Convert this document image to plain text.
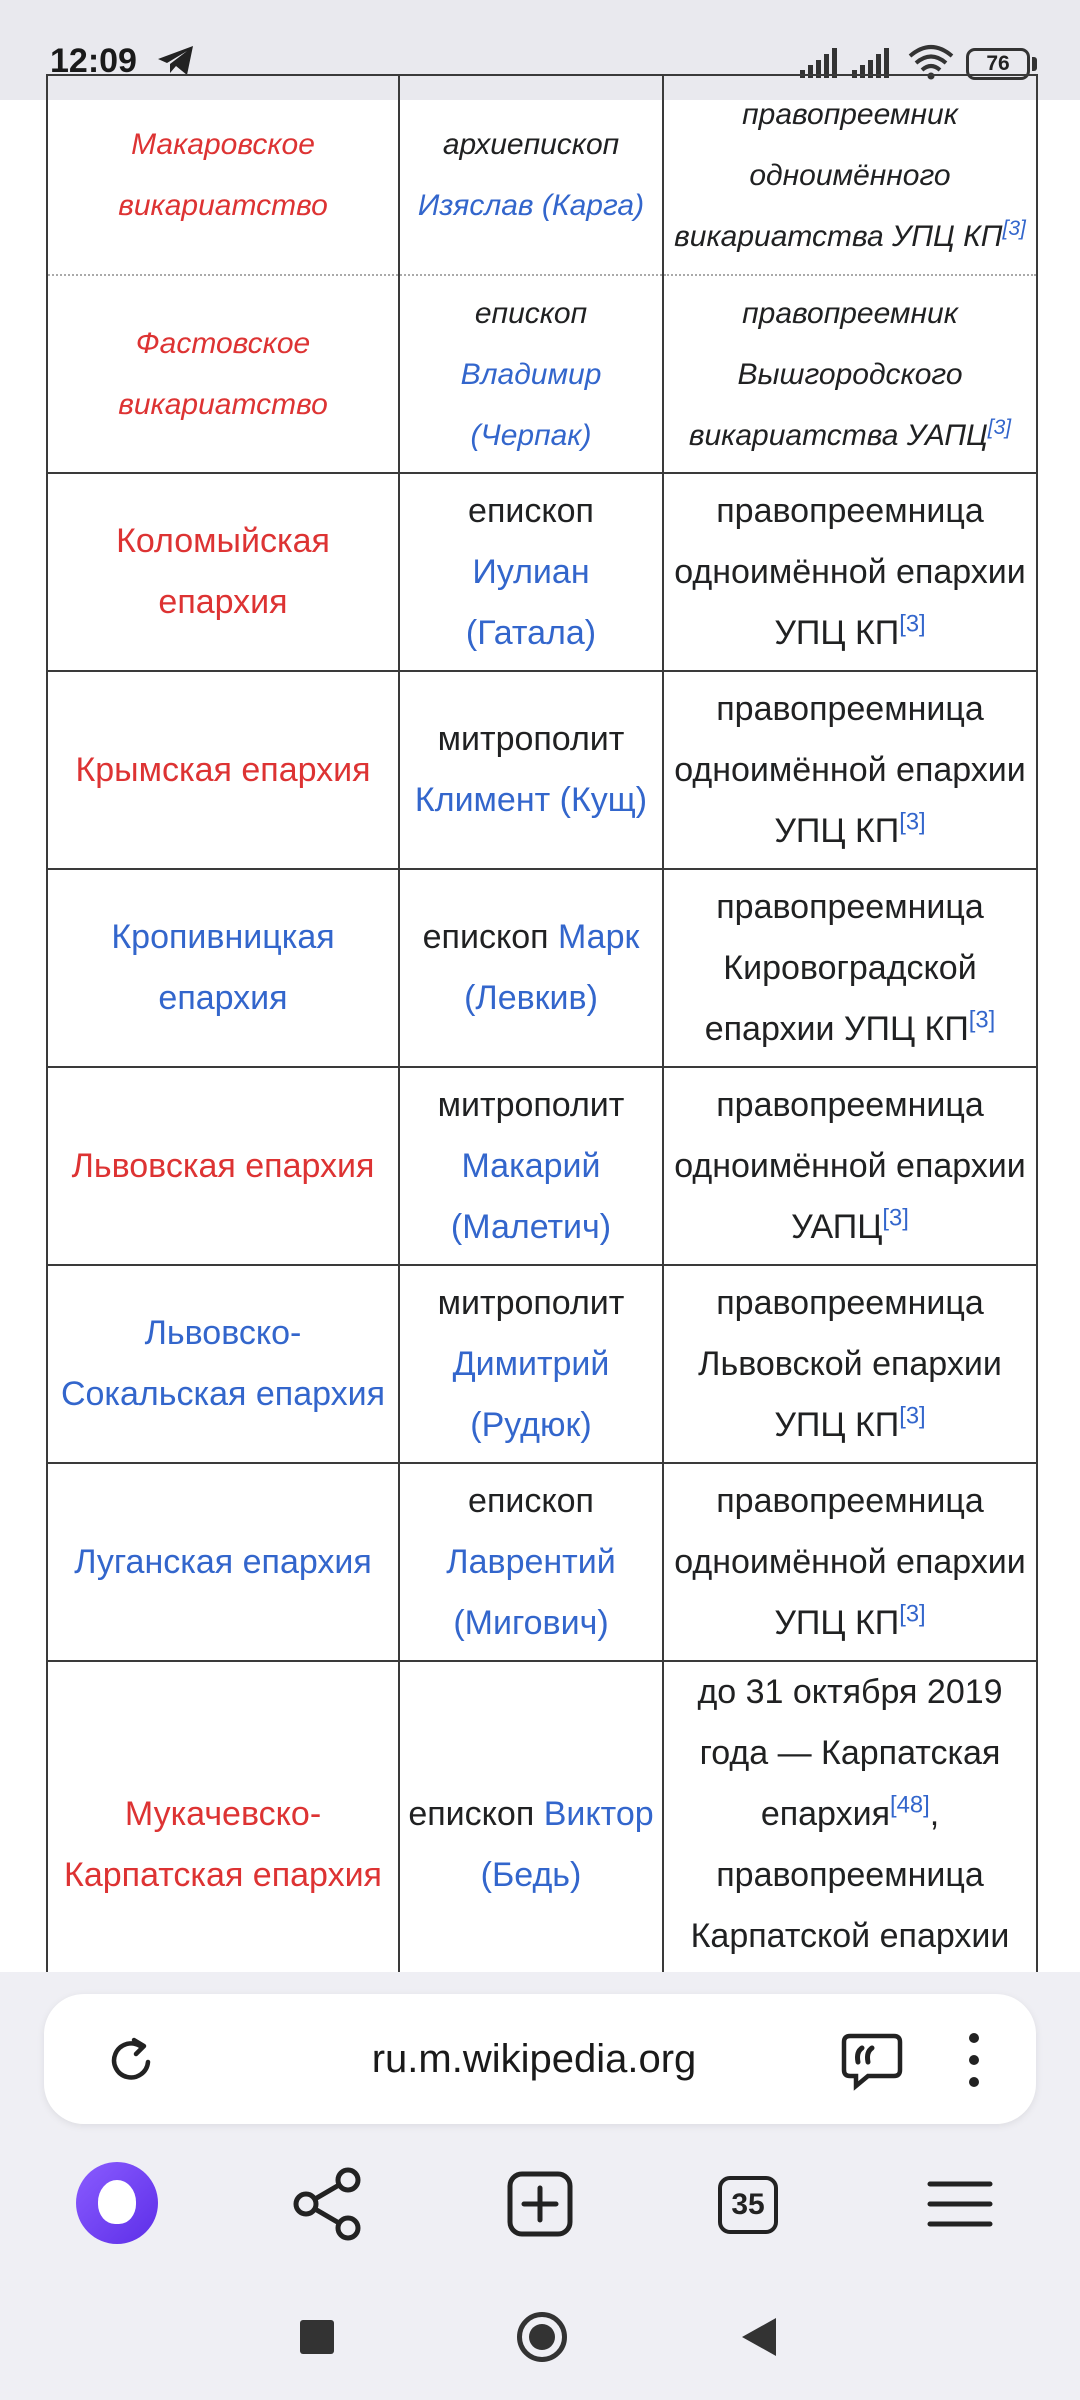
12:09	76
Макаровское викариатство	архиепископ Изяслав (Карга)	правопреемник одноимённого викариатства УПЦ КП[3]
Фастовское викариатство	епископ Владимир (Черпак)	правопреемник Вышгородского викариатства УАПЦ[3]
Коломыйская епархия	епископ Иулиан (Гатала)	правопреемница одноимённой епархии УПЦ КП[3]
Крымская епархия	митрополит Климент (Кущ)	правопреемница одноимённой епархии УПЦ КП[3]
Кропивницкая епархия	епископ Марк (Левкив)	правопреемница Кировоградской епархии УПЦ КП[3]
Львовская епархия	митрополит Макарий (Малетич)	правопреемница одноимённой епархии УАПЦ[3]
Львовско-Сокальская епархия	митрополит Димитрий (Рудюк)	правопреемница Львовской епархии УПЦ КП[3]
Луганская епархия	епископ Лаврентий (Мигович)	правопреемница одноимённой епархии УПЦ КП[3]
Мукачевско-Карпатская епархия	епископ Виктор (Бедь)	до 31 октября 2019 года — Карпатская епархия[48], правопреемница Карпатской епархии
ru.m.wikipedia.org
35
